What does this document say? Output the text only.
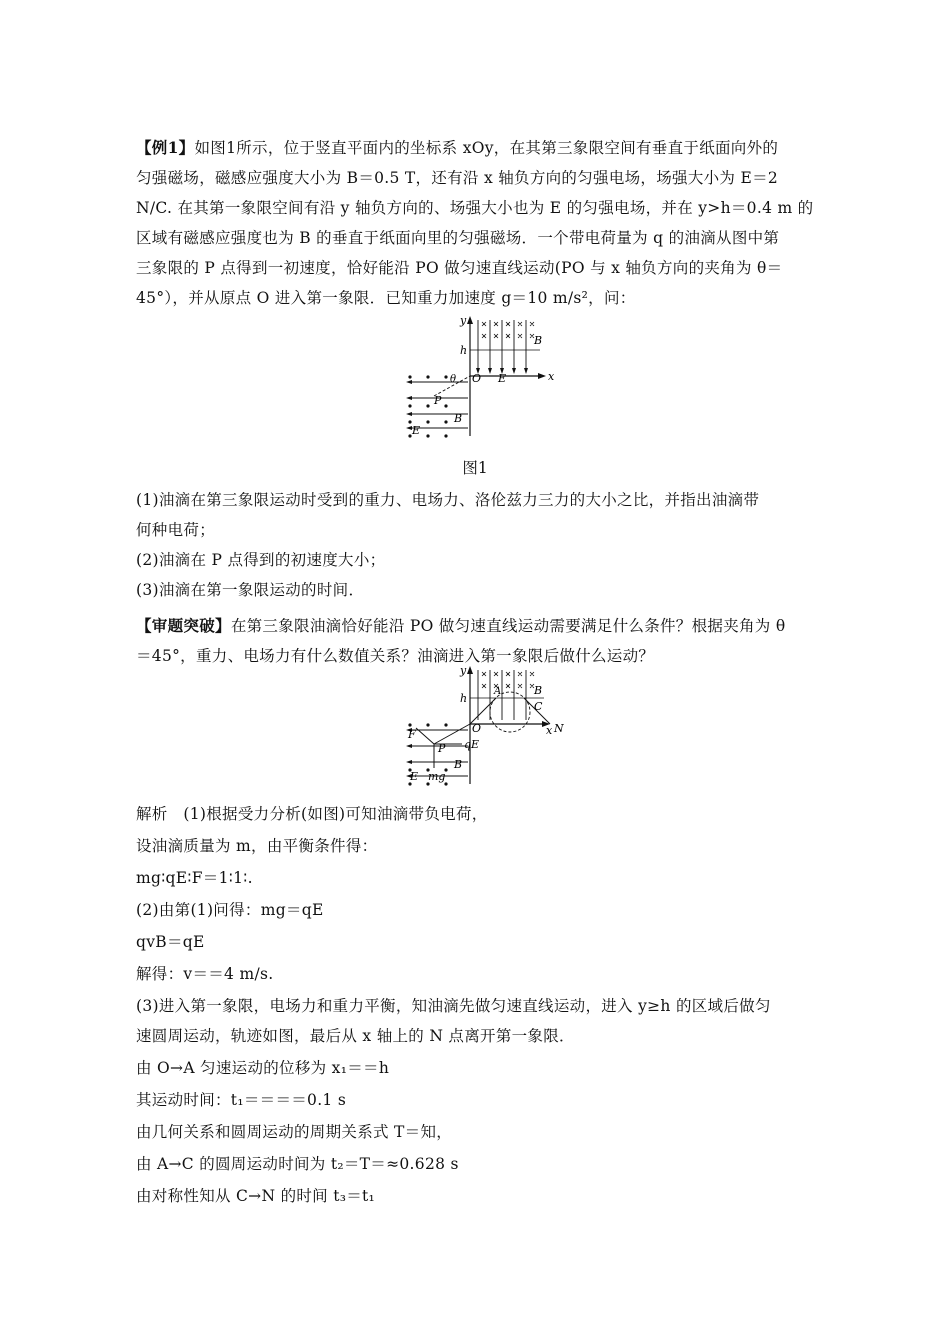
【例1】如图1所示，位于竖直平面内的坐标系 xOy，在其第三象限空间有垂直于纸面向外的
匀强磁场，磁感应强度大小为 B＝0.5 T，还有沿 x 轴负方向的匀强电场，场强大小为 E＝2
N/C. 在其第一象限空间有沿 y 轴负方向的、场强大小也为 E 的匀强电场，并在 y>h＝0.4 m 的
区域有磁感应强度也为 B 的垂直于纸面向里的匀强磁场．一个带电荷量为 q 的油滴从图中第
三象限的 P 点得到一初速度，恰好能沿 PO 做匀速直线运动(PO 与 x 轴负方向的夹角为 θ＝
45°），并从原点 O 进入第一象限．已知重力加速度 g＝10 m/s²，问：
y
x
h
O E
B
θ
P
B
E
图1
(1)油滴在第三象限运动时受到的重力、电场力、洛伦兹力三力的大小之比，并指出油滴带
何种电荷；
(2)油滴在 P 点得到的初速度大小；
(3)油滴在第一象限运动的时间．
【审题突破】在第三象限油滴恰好能沿 PO 做匀速直线运动需要满足什么条件？根据夹角为 θ
＝45°，重力、电场力有什么数值关系？油滴进入第一象限后做什么运动？
y
x
h
O
A	B
C
N
F
P qE
E mg
B
解析　(1)根据受力分析(如图)可知油滴带负电荷，
设油滴质量为 m，由平衡条件得：
mg∶qE∶F＝1∶1∶.
(2)由第(1)问得：mg＝qE
qvB＝qE
解得：v＝＝4 m/s.
(3)进入第一象限，电场力和重力平衡，知油滴先做匀速直线运动，进入 y≥h 的区域后做匀
速圆周运动，轨迹如图，最后从 x 轴上的 N 点离开第一象限．
由 O→A 匀速运动的位移为 x₁＝＝h
其运动时间：t₁＝＝＝＝0.1 s
由几何关系和圆周运动的周期关系式 T＝知，
由 A→C 的圆周运动时间为 t₂＝T＝≈0.628 s
由对称性知从 C→N 的时间 t₃＝t₁
